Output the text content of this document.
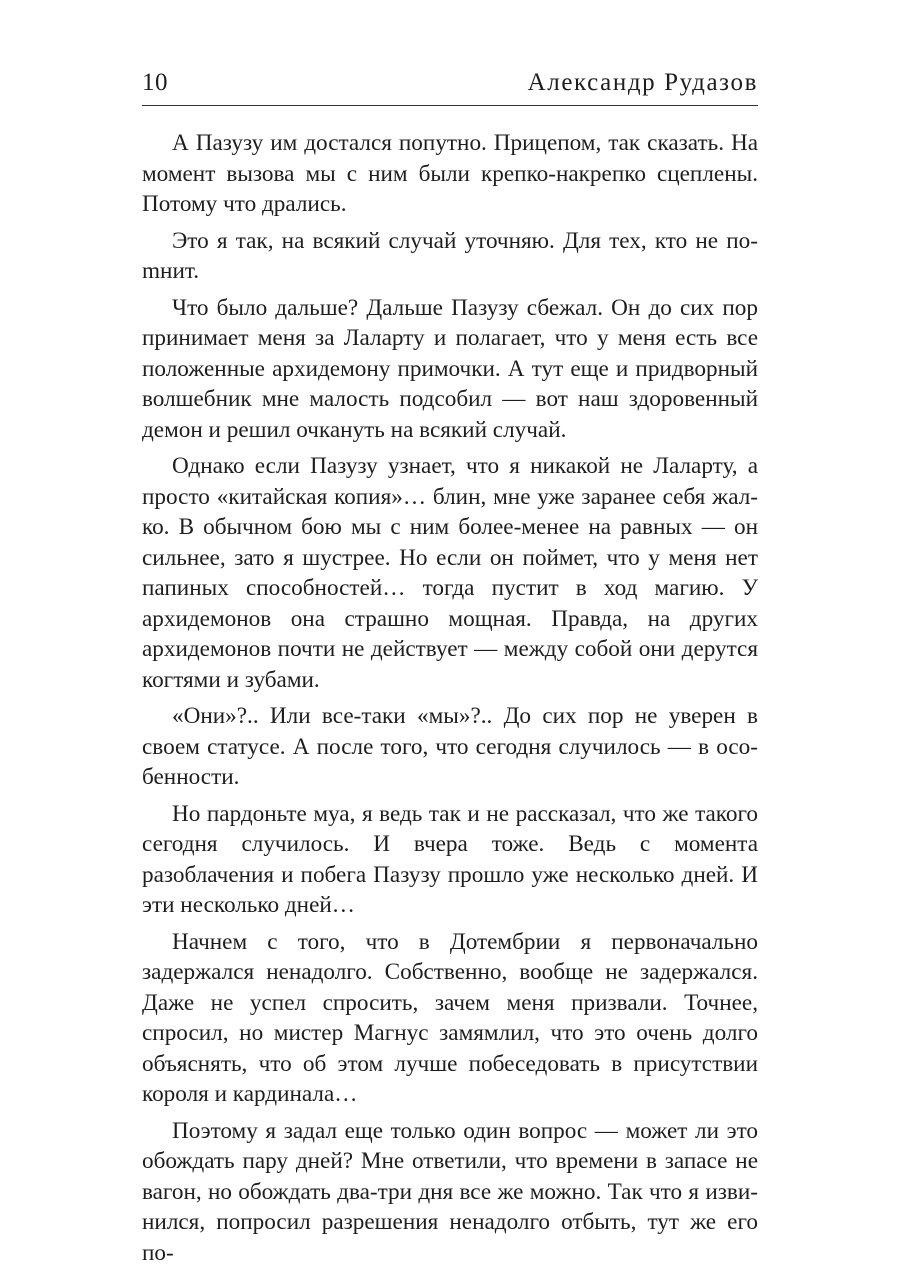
10	Александр Рудазов

А Пазузу им достался попутно. Прицепом, так сказать. На момент вызова мы с ним были крепко-накрепко сцеплены. Потому что дрались.

Это я так, на всякий случай уточняю. Для тех, кто не поmнит.

Что было дальше? Дальше Пазузу сбежал. Он до сих пор принимает меня за Лаларту и полагает, что у меня есть все положенные архидемону примочки. А тут еще и придворный волшебник мне малость подсобил — вот наш здоровенный демон и решил очкануть на всякий случай.

Однако если Пазузу узнает, что я никакой не Лаларту, а просто «китайская копия»… блин, мне уже заранее себя жалко. В обычном бою мы с ним более-менее на равных — он сильнее, зато я шустрее. Но если он поймет, что у меня нет папиных способностей… тогда пустит в ход магию. У архидемонов она страшно мощная. Правда, на других архидемонов почти не действует — между собой они дерутся когтями и зубами.

«Они»?.. Или все-таки «мы»?.. До сих пор не уверен в своем статусе. А после того, что сегодня случилось — в особенности.

Но пардоньте муа, я ведь так и не рассказал, что же такого сегодня случилось. И вчера тоже. Ведь с момента разоблачения и побега Пазузу прошло уже несколько дней. И эти несколько дней…

Начнем с того, что в Дотембрии я первоначально задержался ненадолго. Собственно, вообще не задержался. Даже не успел спросить, зачем меня призвали. Точнее, спросил, но мистер Магнус замямлил, что это очень долго объяснять, что об этом лучше побеседовать в присутствии короля и кардинала…

Поэтому я задал еще только один вопрос — может ли это обождать пару дней? Мне ответили, что времени в запасе не вагон, но обождать два-три дня все же можно. Так что я извинился, попросил разрешения ненадолго отбыть, тут же его по-
